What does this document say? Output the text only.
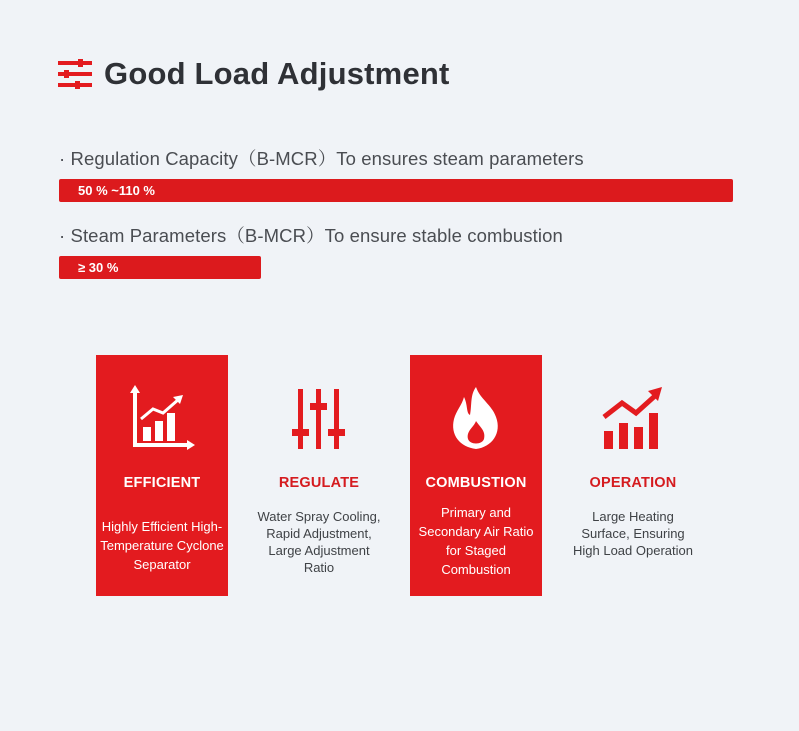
Good Load Adjustment
· Regulation Capacity（B-MCR）To ensures steam parameters
50 % ~110 %
· Steam Parameters（B-MCR）To ensure stable combustion
≥ 30 %
EFFICIENT
Highly Efficient High-Temperature Cyclone Separator
REGULATE
Water Spray Cooling, Rapid Adjustment, Large Adjustment Ratio
COMBUSTION
Primary and Secondary Air Ratio for Staged Combustion
OPERATION
Large Heating Surface, Ensuring High Load Operation
